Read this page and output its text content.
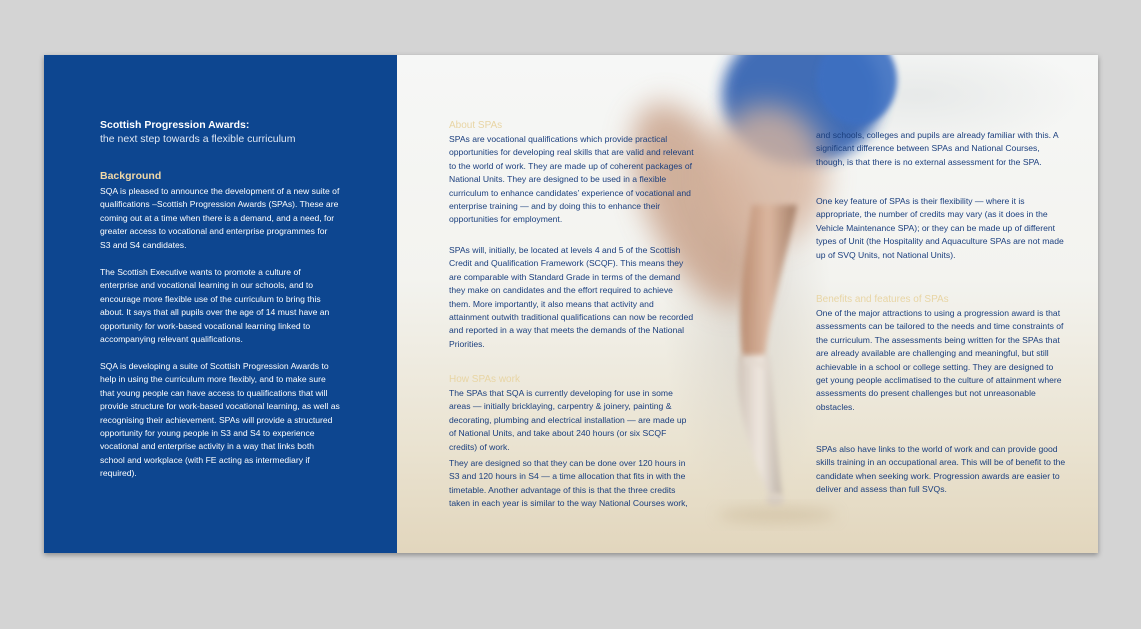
Scottish Progression Awards:
the next step towards a flexible curriculum
Background

SQA is pleased to announce the development of a new suite of qualifications –Scottish Progression Awards (SPAs). These are coming out at a time when there is a demand, and a need, for greater access to vocational and enterprise programmes for S3 and S4 candidates.

The Scottish Executive wants to promote a culture of enterprise and vocational learning in our schools, and to encourage more flexible use of the curriculum to bring this about. It says that all pupils over the age of 14 must have an opportunity for work-based vocational learning linked to accompanying relevant qualifications.

SQA is developing a suite of Scottish Progression Awards to help in using the curriculum more flexibly, and to make sure that young people can have access to qualifications that will provide structure for work-based vocational learning, as well as recognising their achievement. SPAs will provide a structured opportunity for young people in S3 and S4 to experience vocational and enterprise activity in a way that links both school and workplace (with FE acting as intermediary if required).

About SPAs

SPAs are vocational qualifications which provide practical opportunities for developing real skills that are valid and relevant to the world of work. They are made up of coherent packages of National Units. They are designed to be used in a flexible curriculum to enhance candidates’ experience of vocational and enterprise training — and by doing this to enhance their opportunities for employment.

SPAs will, initially, be located at levels 4 and 5 of the Scottish Credit and Qualification Framework (SCQF). This means they are comparable with Standard Grade in terms of the demand they make on candidates and the effort required to achieve them. More importantly, it also means that activity and attainment outwith traditional qualifications can now be recorded and reported in a way that meets the demands of the National Priorities.

How SPAs work

The SPAs that SQA is currently developing for use in some areas — initially bricklaying, carpentry & joinery, painting & decorating, plumbing and electrical installation — are made up of National Units, and take about 240 hours (or six SCQF credits) of work.

They are designed so that they can be done over 120 hours in S3 and 120 hours in S4 — a time allocation that fits in with the timetable. Another advantage of this is that the three credits taken in each year is similar to the way National Courses work,

and schools, colleges and pupils are already familiar with this. A significant difference between SPAs and National Courses, though, is that there is no external assessment for the SPA.

One key feature of SPAs is their flexibility — where it is appropriate, the number of credits may vary (as it does in the Vehicle Maintenance SPA); or they can be made up of different types of Unit (the Hospitality and Aquaculture SPAs are not made up of SVQ Units, not National Units).

Benefits and features of SPAs

One of the major attractions to using a progression award is that assessments can be tailored to the needs and time constraints of the curriculum. The assessments being written for the SPAs that are already available are challenging and meaningful, but still achievable in a school or college setting. They are designed to get young people acclimatised to the culture of attainment where assessments do present challenges but not unreasonable obstacles.

SPAs also have links to the world of work and can provide good skills training in an occupational area. This will be of benefit to the candidate when seeking work. Progression awards are easier to deliver and assess than full SVQs.
